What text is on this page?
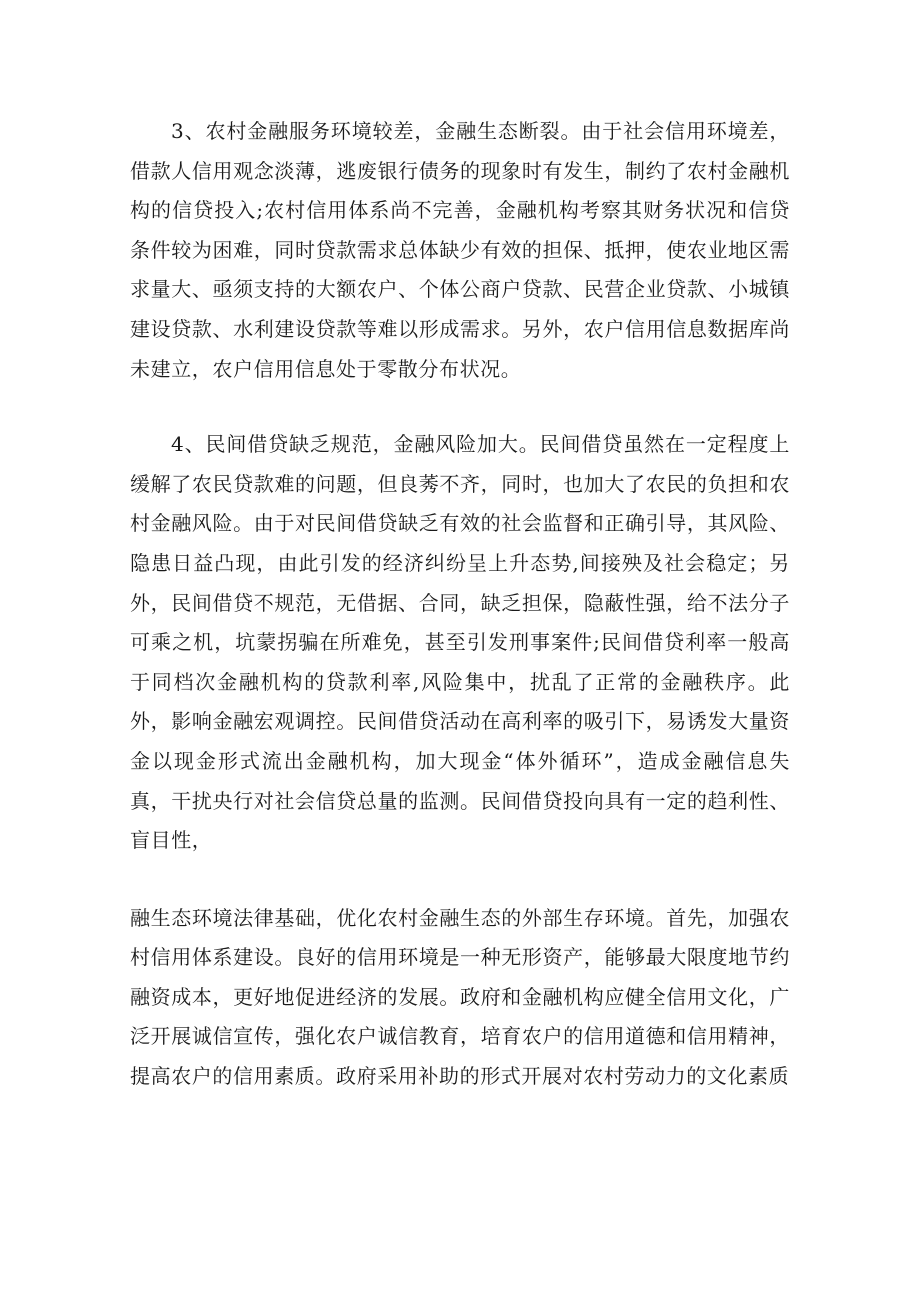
3、农村金融服务环境较差，金融生态断裂。由于社会信用环境差，借款人信用观念淡薄，逃废银行债务的现象时有发生，制约了农村金融机构的信贷投入;农村信用体系尚不完善，金融机构考察其财务状况和信贷条件较为困难，同时贷款需求总体缺少有效的担保、抵押，使农业地区需求量大、亟须支持的大额农户、个体公商户贷款、民营企业贷款、小城镇建设贷款、水利建设贷款等难以形成需求。另外，农户信用信息数据库尚未建立，农户信用信息处于零散分布状况。

4、民间借贷缺乏规范，金融风险加大。民间借贷虽然在一定程度上缓解了农民贷款难的问题，但良莠不齐，同时，也加大了农民的负担和农村金融风险。由于对民间借贷缺乏有效的社会监督和正确引导，其风险、隐患日益凸现，由此引发的经济纠纷呈上升态势,间接殃及社会稳定；另外，民间借贷不规范，无借据、合同，缺乏担保，隐蔽性强，给不法分子可乘之机，坑蒙拐骗在所难免，甚至引发刑事案件;民间借贷利率一般高于同档次金融机构的贷款利率,风险集中，扰乱了正常的金融秩序。此外，影响金融宏观调控。民间借贷活动在高利率的吸引下，易诱发大量资金以现金形式流出金融机构，加大现金“体外循环”，造成金融信息失真，干扰央行对社会信贷总量的监测。民间借贷投向具有一定的趋利性、盲目性，

融生态环境法律基础，优化农村金融生态的外部生存环境。首先，加强农村信用体系建设。良好的信用环境是一种无形资产，能够最大限度地节约融资成本，更好地促进经济的发展。政府和金融机构应健全信用文化，广泛开展诚信宣传，强化农户诚信教育，培育农户的信用道德和信用精神，提高农户的信用素质。政府采用补助的形式开展对农村劳动力的文化素质
